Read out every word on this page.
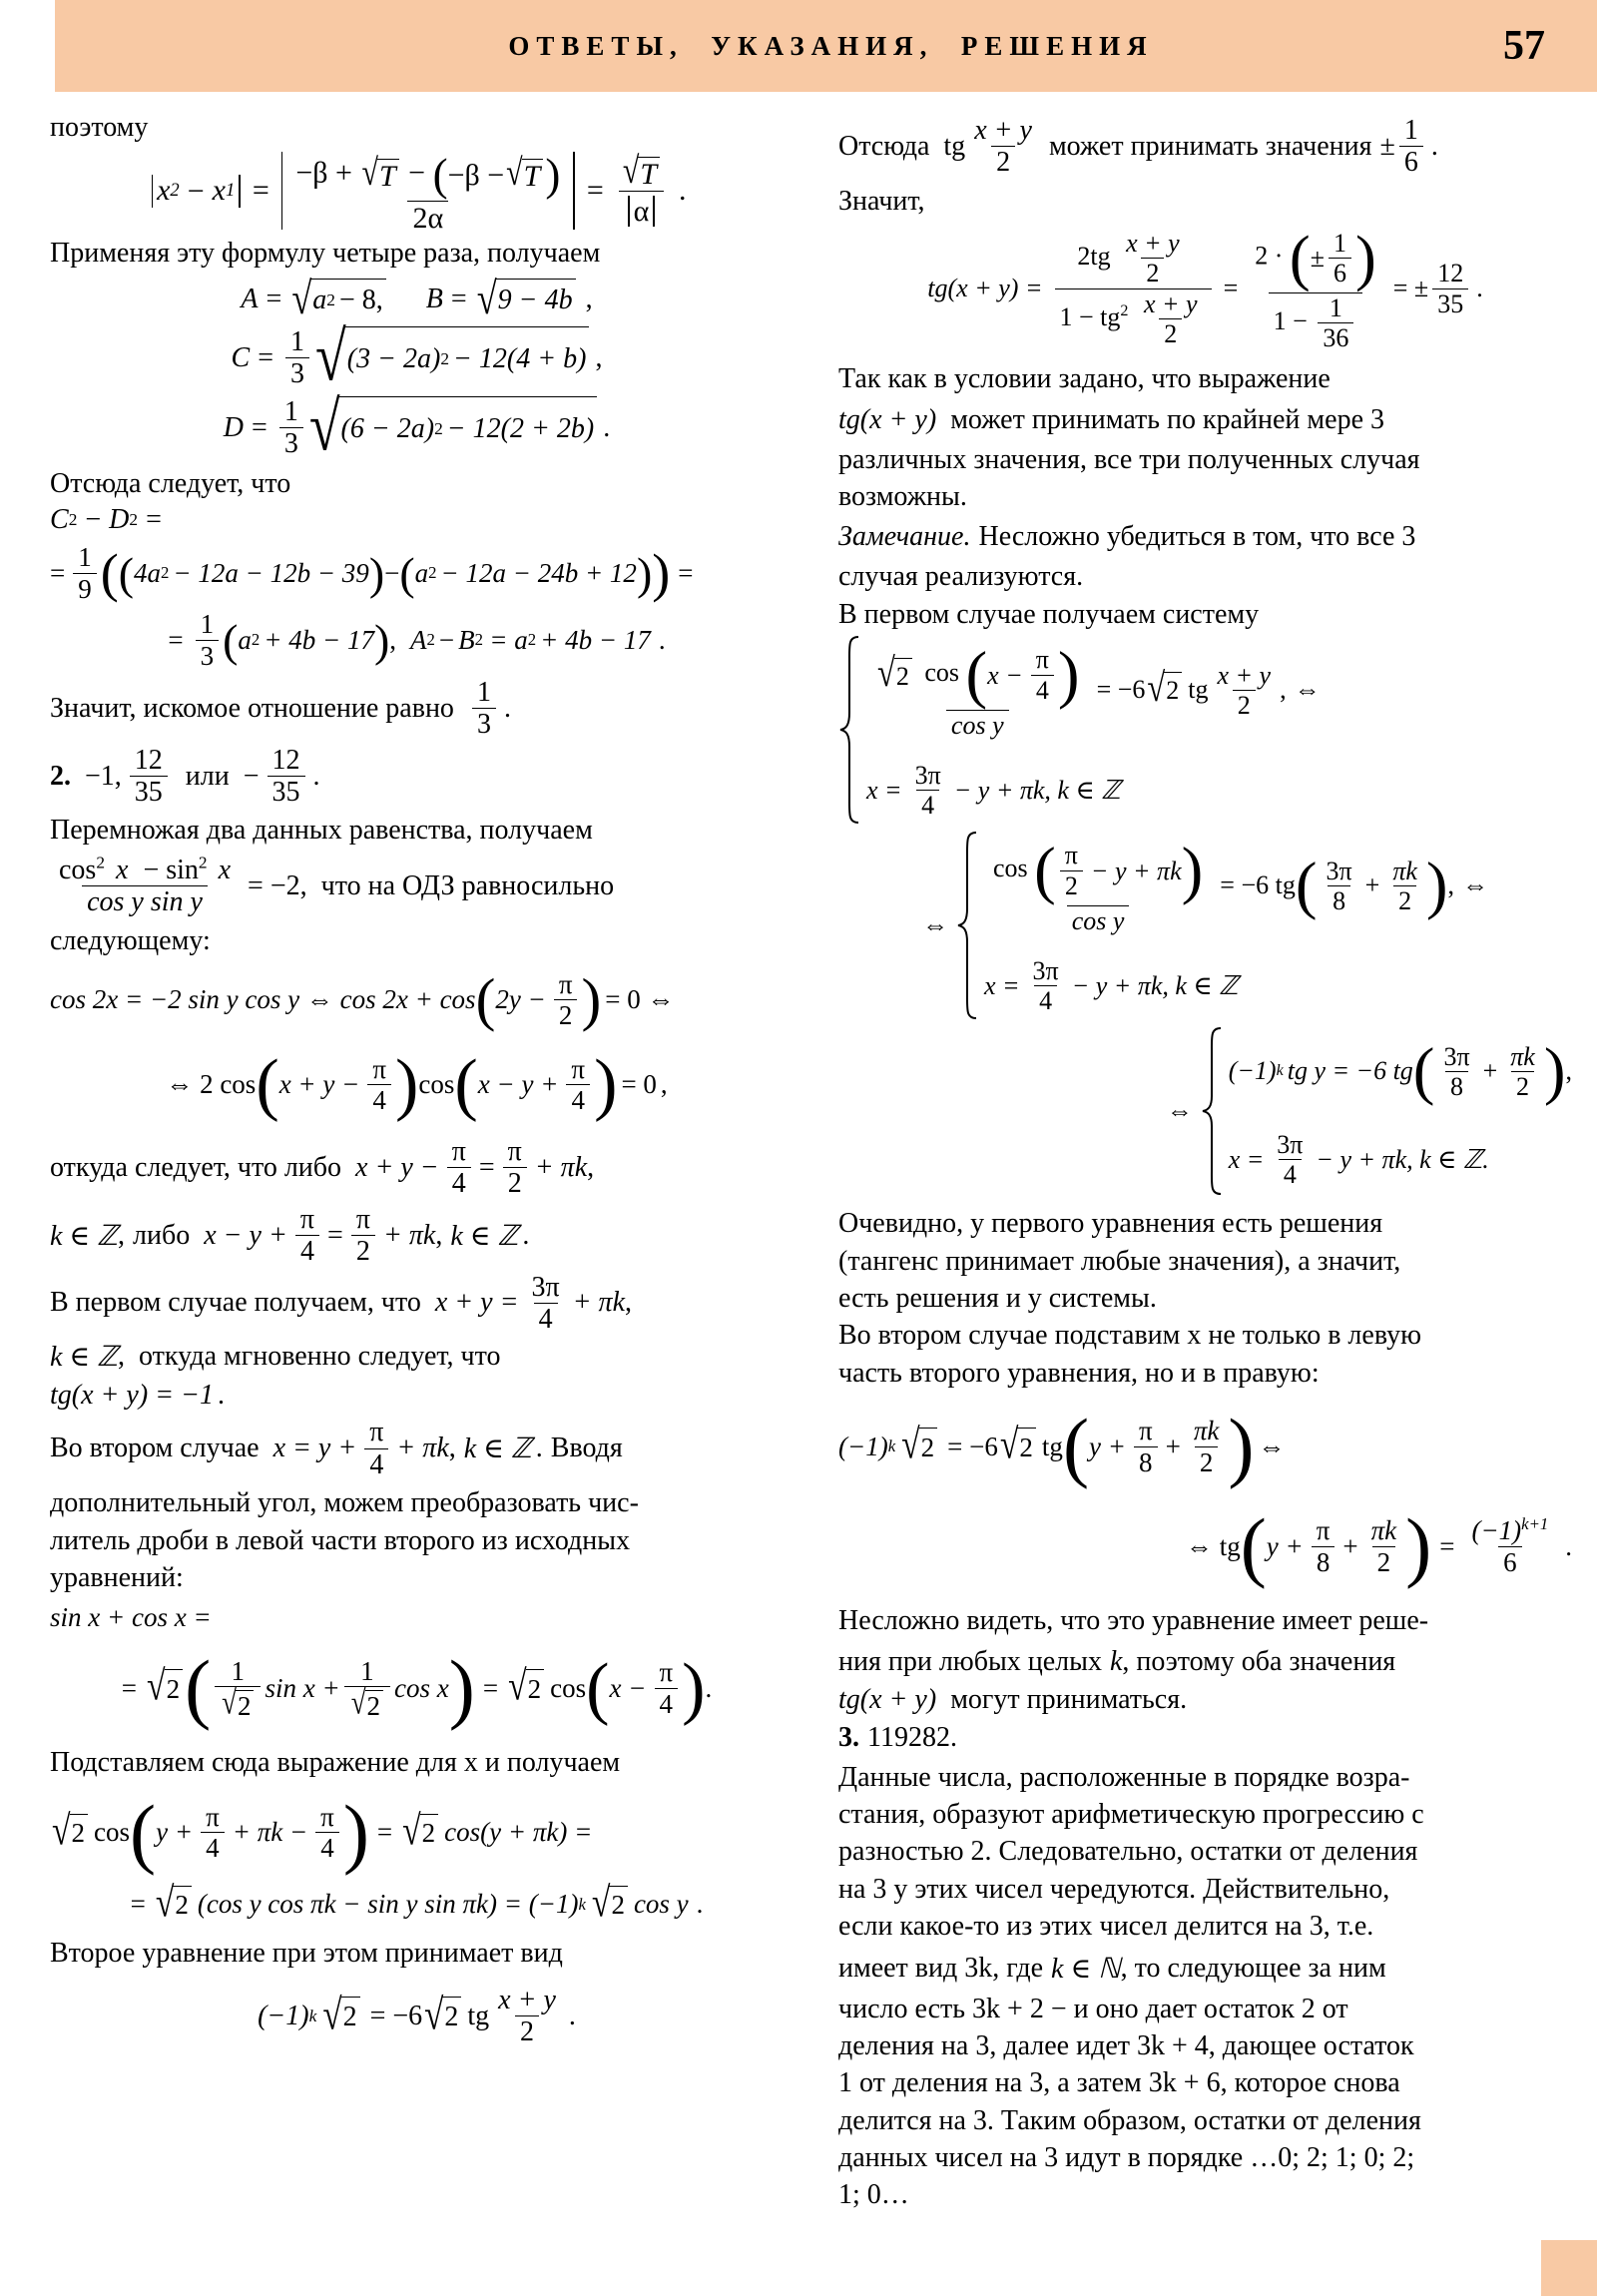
ОТВЕТЫ,  УКАЗАНИЯ,  РЕШЕНИЯ	57
поэтому
x 2 − x 1 =
−β + √ T − ( −β − √ T )
2α
= $\frac{√ T}{\alpha}$ .
Применяя эту формулу четыре раза, получаем
A = √ a 2 − 8, B = √ 9 − 4b ,
$C = \frac{1}{3}$ √ (3 − 2a) 2 − 12(4 + b) ,
$D = \frac{1}{3}$ √ (6 − 2a) 2 − 12(2 + 2b) .
Отсюда следует, что
C 2 − D 2 =
= $\frac{1}{9}$ ( ( 4a 2 − 12a − 12b − 39 ) − ( a 2 − 12a − 24b + 12 ) ) =
= $\frac{1}{3}$ ( a 2 + 4b − 17 ) , A 2 − B 2 = a 2 + 4b − 17 .
Значит, искомое отношение равно $\frac{1}{3}$ .
2. −1, $\frac{12}{35}$ или − $\frac{12}{35}$ .
Перемножая два данных равенства, получаем
$\frac{\cos^2 x - \sin^2 x}{\text{cos y sin y}} = -2$ , что на ОДЗ равносильно
следующему:
cos 2x = −2 sin y cos y ⇔ cos 2x + cos ( $2y - \frac{\pi}{2}$ ) = 0 ⇔
⇔ 2 cos ( $x + y - \frac{\pi}{4}$ ) cos ( $x - y + \frac{\pi}{4}$ ) = 0 ,
откуда следует, что либо $x + y - \frac{\pi}{4} = \frac{\pi}{2} + \pi k$ ,
k ∈ ℤ , либо $x - y + \frac{\pi}{4} = \frac{\pi}{2} + \pi k$ , k ∈ ℤ .
В первом случае получаем, что $x + y = \frac{3\pi}{4} + \pi k$ ,
k ∈ ℤ , откуда мгновенно следует, что
tg(x + y) = −1 .
Во втором случае $x = y + \frac{\pi}{4} + \pi k$ , k ∈ ℤ . Вводя
дополнительный угол, можем преобразовать чис-
литель дроби в левой части второго из исходных
уравнений:
sin x + cos x =
= √ 2 ( $\frac{1}{√ 2}$ $\sin x + \frac{1}{√ 2}$ cos x ) = √ 2 cos ( $x - \frac{\pi}{4}$ ) .
Подставляем сюда выражение для x и получаем
√ 2 cos ( $y + \frac{\pi}{4} + \pi k - \frac{\pi}{4}$ ) = √ 2 cos(y + πk) =
= √ 2 (cos y cos πk − sin y sin πk) = (−1) k √ 2 cos y .
Второе уравнение при этом принимает вид
(−1) k √ 2 = −6 √ 2 tg $\frac{x + y}{2}$ .
Отсюда tg $\frac{x + y}{2}$ может принимать значения ± $\frac{1}{6}$ .
Значит,
$tg(x + y) = \frac{2tg \frac{x + y}{2}}{1 - tg^2 \frac{x + y}{2}} = \frac{2 \cdot ( \pm \frac{1}{6} )}{1 - \frac{1}{36}}$ = ± $\frac{12}{35}$ .
Так как в условии задано, что выражение
tg(x + y) может принимать по крайней мере 3
различных значения, все три полученных случая
возможны.
Замечание. Несложно убедиться в том, что все 3
случая реализуются.
В первом случае получаем систему
√ 2 cos ( $x - \frac{\pi}{4}$ )
cos y
= −6 √ 2 tg $\frac{x + y}{2}$ , ⇔
$x = \frac{3\pi}{4} - y + \pi k$, k ∈ ℤ
⇔
cos ( $\frac{\pi}{2} - y + \pi k$ )
cos y
= −6 tg ( $\frac{3\pi}{8} + \frac{\pi k}{2}$ ) , ⇔
$x = \frac{3\pi}{4} - y + \pi k$, k ∈ ℤ
⇔
(−1) k tg y = −6 tg ( $\frac{3\pi}{8} + \frac{\pi k}{2}$ ) ,
$x = \frac{3\pi}{4} - y + \pi k$, k ∈ ℤ.
Очевидно, у первого уравнения есть решения
(тангенс принимает любые значения), а значит,
есть решения и у системы.
Во втором случае подставим x не только в левую
часть второго уравнения, но и в правую:
(−1) k √ 2 = −6 √ 2 tg ( $y + \frac{\pi}{8} + \frac{\pi k}{2}$ ) ⇔
⇔ tg ( $y + \frac{\pi}{8} + \frac{\pi k}{2}$ ) = $\frac{(-1)^{k+1}}{6}$ .
Несложно видеть, что это уравнение имеет реше-
ния при любых целых k , поэтому оба значения
tg(x + y) могут приниматься.
3. 119282.
Данные числа, расположенные в порядке возра-
стания, образуют арифметическую прогрессию с
разностью 2. Следовательно, остатки от деления
на 3 у этих чисел чередуются. Действительно,
если какое-то из этих чисел делится на 3, т.е.
имеет вид 3k, где k ∈ ℕ , то следующее за ним
число есть 3k + 2 − и оно дает остаток 2 от
деления на 3, далее идет 3k + 4, дающее остаток
1 от деления на 3, а затем 3k + 6, которое снова
делится на 3. Таким образом, остатки от деления
данных чисел на 3 идут в порядке …0; 2; 1; 0; 2;
1; 0…
